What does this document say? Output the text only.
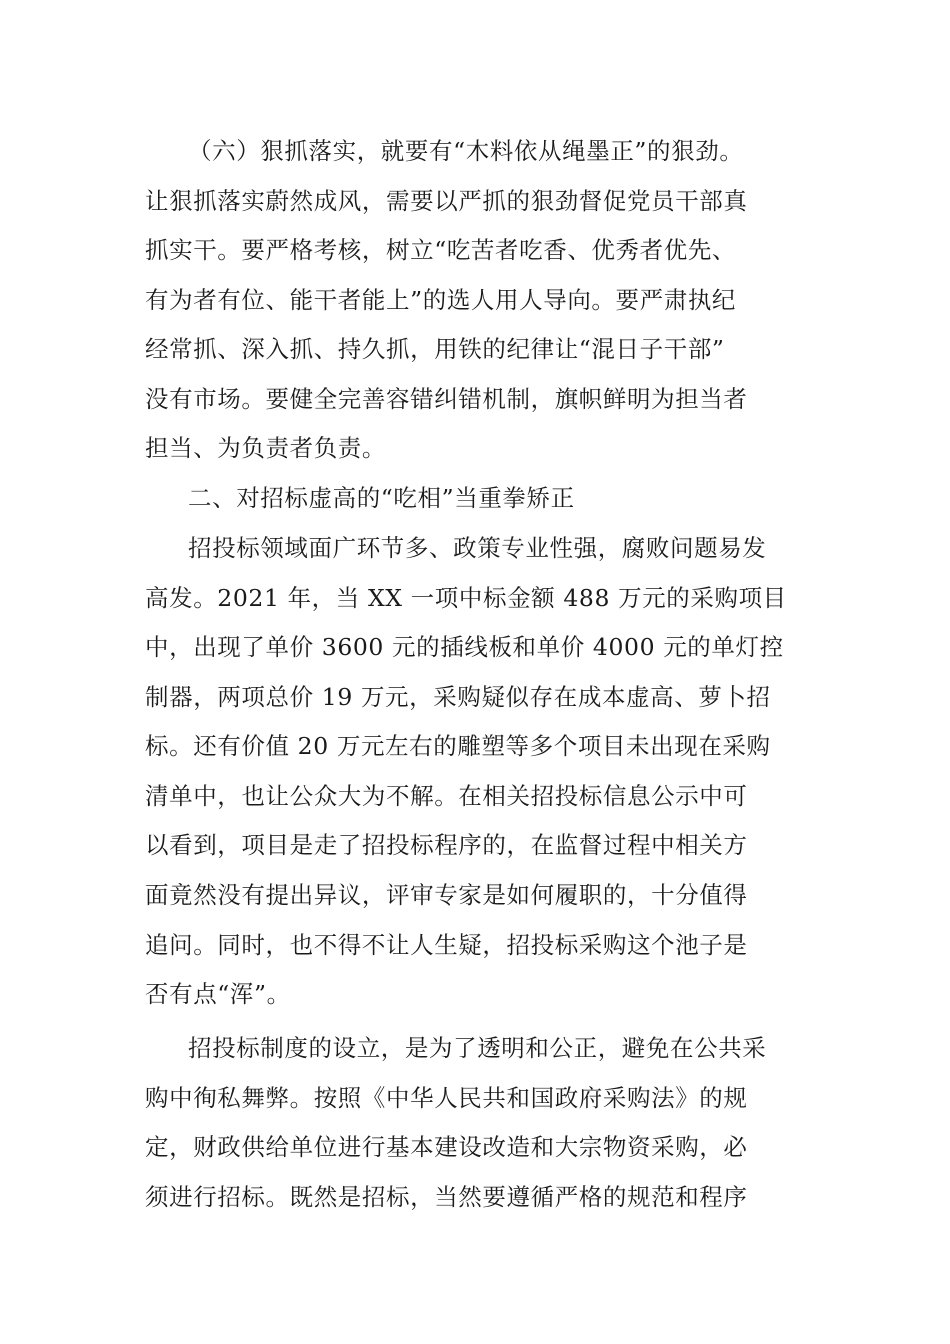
（六）狠抓落实，就要有“木料依从绳墨正”的狠劲。
让狠抓落实蔚然成风，需要以严抓的狠劲督促党员干部真
抓实干。要严格考核，树立“吃苦者吃香、优秀者优先、
有为者有位、能干者能上”的选人用人导向。要严肃执纪
经常抓、深入抓、持久抓，用铁的纪律让“混日子干部”
没有市场。要健全完善容错纠错机制，旗帜鲜明为担当者
担当、为负责者负责。
二、对招标虚高的“吃相”当重拳矫正
招投标领域面广环节多、政策专业性强，腐败问题易发
高发。2021 年，当 XX 一项中标金额 488 万元的采购项目
中，出现了单价 3600 元的插线板和单价 4000 元的单灯控
制器，两项总价 19 万元，采购疑似存在成本虚高、萝卜招
标。还有价值 20 万元左右的雕塑等多个项目未出现在采购
清单中，也让公众大为不解。在相关招投标信息公示中可
以看到，项目是走了招投标程序的，在监督过程中相关方
面竟然没有提出异议，评审专家是如何履职的，十分值得
追问。同时，也不得不让人生疑，招投标采购这个池子是
否有点“浑”。
招投标制度的设立，是为了透明和公正，避免在公共采
购中徇私舞弊。按照《中华人民共和国政府采购法》的规
定，财政供给单位进行基本建设改造和大宗物资采购，必
须进行招标。既然是招标，当然要遵循严格的规范和程序
